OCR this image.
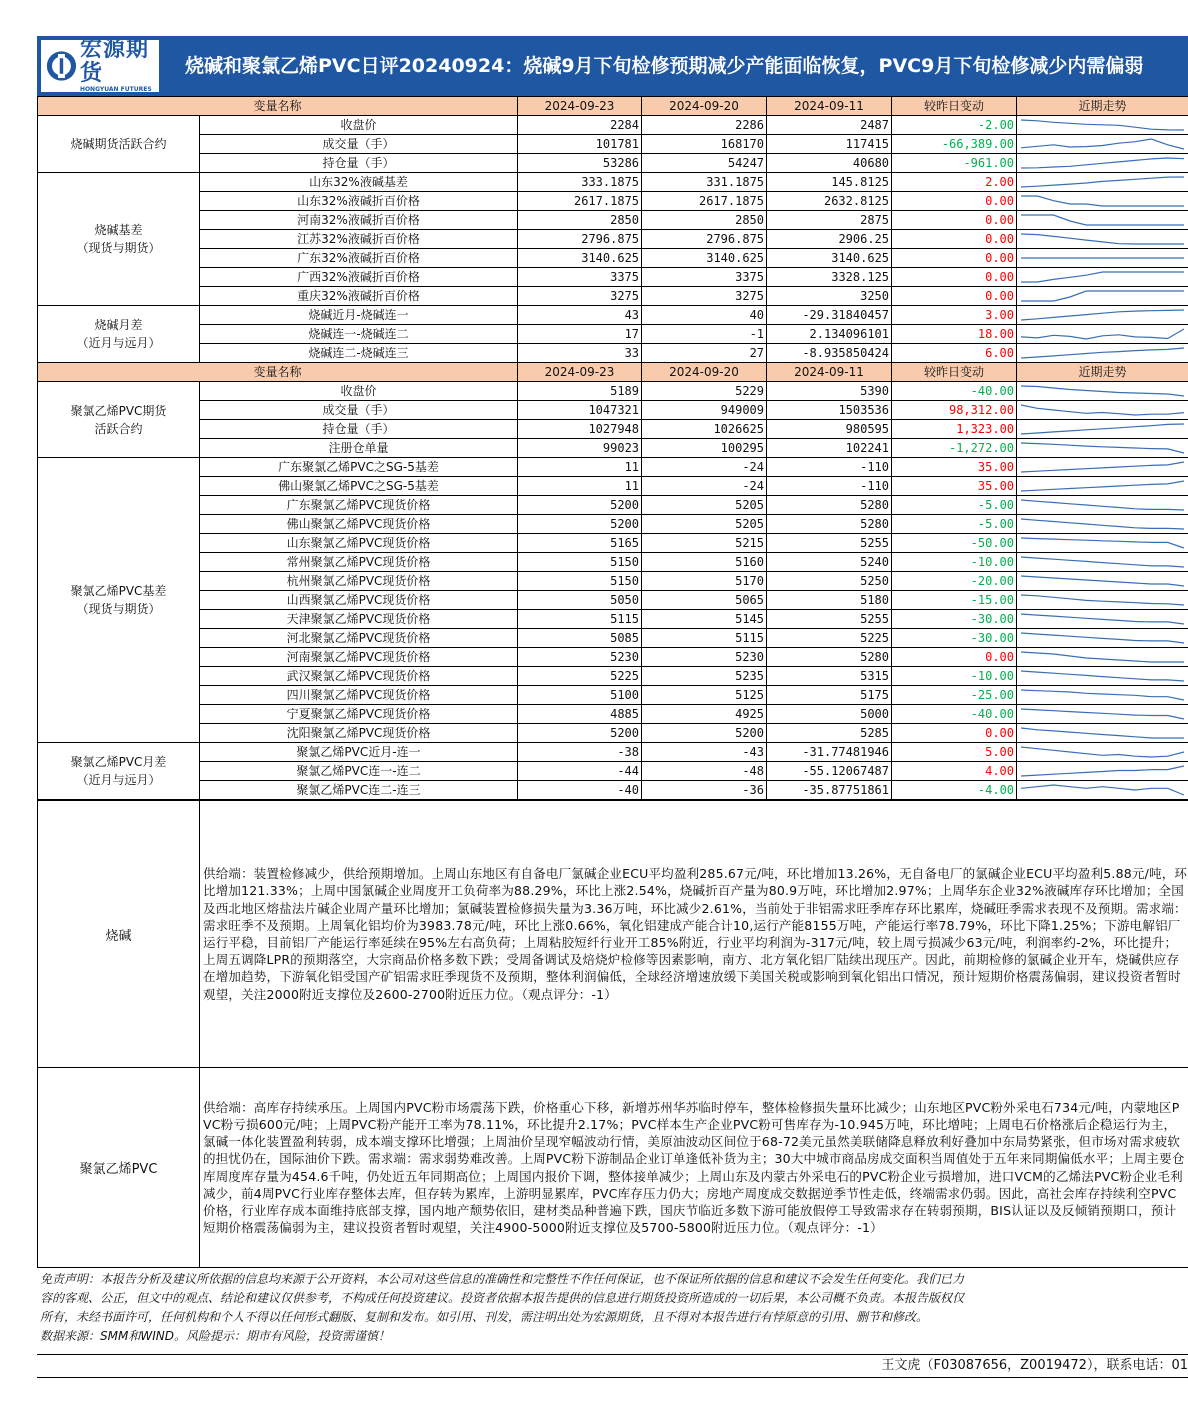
宏源期货
HONGYUAN FUTURES
烧碱和聚氯乙烯PVC日评20240924：烧碱9月下旬检修预期减少产能面临恢复，PVC9月下旬检修减少内需偏弱
变量名称		2024-09-23	2024-09-20	2024-09-11	较昨日变动	近期走势

烧碱期货活跃合约	收盘价	2284	2286	2487	-2.00	

	成交量（手）	101781	168170	117415	-66,389.00	

	持仓量（手）	53286	54247	40680	-961.00	

烧碱基差
（现货与期货）	山东32%液碱基差	333.1875	331.1875	145.8125	2.00	

	山东32%液碱折百价格	2617.1875	2617.1875	2632.8125	0.00	

	河南32%液碱折百价格	2850	2850	2875	0.00	

	江苏32%液碱折百价格	2796.875	2796.875	2906.25	0.00	

	广东32%液碱折百价格	3140.625	3140.625	3140.625	0.00	

	广西32%液碱折百价格	3375	3375	3328.125	0.00	

	重庆32%液碱折百价格	3275	3275	3250	0.00	

烧碱月差
（近月与远月）	烧碱近月-烧碱连一	43	40	-29.31840457	3.00	

	烧碱连一-烧碱连二	17	-1	2.134096101	18.00	

	烧碱连二-烧碱连三	33	27	-8.935850424	6.00	

变量名称		2024-09-23	2024-09-20	2024-09-11	较昨日变动	近期走势

聚氯乙烯PVC期货
活跃合约	收盘价	5189	5229	5390	-40.00	

	成交量（手）	1047321	949009	1503536	98,312.00	

	持仓量（手）	1027948	1026625	980595	1,323.00	

	注册仓单量	99023	100295	102241	-1,272.00	

聚氯乙烯PVC基差
（现货与期货）	广东聚氯乙烯PVC之SG-5基差	11	-24	-110	35.00	

	佛山聚氯乙烯PVC之SG-5基差	11	-24	-110	35.00	

	广东聚氯乙烯PVC现货价格	5200	5205	5280	-5.00	

	佛山聚氯乙烯PVC现货价格	5200	5205	5280	-5.00	

	山东聚氯乙烯PVC现货价格	5165	5215	5255	-50.00	

	常州聚氯乙烯PVC现货价格	5150	5160	5240	-10.00	

	杭州聚氯乙烯PVC现货价格	5150	5170	5250	-20.00	

	山西聚氯乙烯PVC现货价格	5050	5065	5180	-15.00	

	天津聚氯乙烯PVC现货价格	5115	5145	5255	-30.00	

	河北聚氯乙烯PVC现货价格	5085	5115	5225	-30.00	

	河南聚氯乙烯PVC现货价格	5230	5230	5280	0.00	

	武汉聚氯乙烯PVC现货价格	5225	5235	5315	-10.00	

	四川聚氯乙烯PVC现货价格	5100	5125	5175	-25.00	

	宁夏聚氯乙烯PVC现货价格	4885	4925	5000	-40.00	

	沈阳聚氯乙烯PVC现货价格	5200	5200	5285	0.00	

聚氯乙烯PVC月差
（近月与远月）	聚氯乙烯PVC近月-连一	-38	-43	-31.77481946	5.00	

	聚氯乙烯PVC连一-连二	-44	-48	-55.12067487	4.00	

	聚氯乙烯PVC连二-连三	-40	-36	-35.87751861	-4.00	
烧碱	供给端：装置检修减少，供给预期增加。上周山东地区有自备电厂氯碱企业ECU平均盈利285.67元/吨，环比增加13.26%，无自备电厂的氯碱企业ECU平均盈利5.88元/吨，环比增加121.33%；上周中国氯碱企业周度开工负荷率为88.29%，环比上涨2.54%，烧碱折百产量为80.9万吨，环比增加2.97%；上周华东企业32%液碱库存环比增加；全国及西北地区熔盐法片碱企业周产量环比增加；氯碱装置检修损失量为3.36万吨，环比减少2.61%，当前处于非铝需求旺季库存环比累库，烧碱旺季需求表现不及预期。需求端：需求旺季不及预期。上周氧化铝均价为3983.78元/吨，环比上涨0.66%，氧化铝建成产能合计10,运行产能8155万吨，产能运行率78.79%，环比下降1.25%；下游电解铝厂运行平稳，目前铝厂产能运行率延续在95%左右高负荷；上周粘胶短纤行业开工85%附近，行业平均利润为-317元/吨，较上周亏损减少63元/吨，利润率约-2%，环比提升；上周五调降LPR的预期落空，大宗商品价格多数下跌；受周备调试及焙烧炉检修等因素影响，南方、北方氧化铝厂陆续出现压产。因此，前期检修的氯碱企业开车，烧碱供应存在增加趋势，下游氧化铝受国产矿铝需求旺季现货不及预期，整体利润偏低，全球经济增速放缓下美国关税或影响到氧化铝出口情况，预计短期价格震荡偏弱，建议投资者暂时观望，关注2000附近支撑位及2600-2700附近压力位。（观点评分：-1）
聚氯乙烯PVC	供给端：高库存持续承压。上周国内PVC粉市场震荡下跌，价格重心下移，新增苏州华苏临时停车，整体检修损失量环比减少；山东地区PVC粉外采电石734元/吨，内蒙地区PVC粉亏损600元/吨；上周PVC粉产能开工率为78.11%，环比提升2.17%；PVC样本生产企业PVC粉可售库存为-10.945万吨，环比增吨；上周电石价格涨后企稳运行为主，氯碱一体化装置盈利转弱，成本端支撑环比增强；上周油价呈现窄幅波动行情，美原油波动区间位于68-72美元虽然美联储降息释放利好叠加中东局势紧张，但市场对需求疲软的担忧仍在，国际油价下跌。需求端：需求弱势难改善。上周PVC粉下游制品企业订单逢低补货为主；30大中城市商品房成交面积当周值处于五年来同期偏低水平；上周主要仓库周度库存量为454.6千吨，仍处近五年同期高位；上周国内报价下调，整体接单减少；上周山东及内蒙古外采电石的PVC粉企业亏损增加，进口VCM的乙烯法PVC粉企业毛利减少，前4周PVC行业库存整体去库，但存转为累库，上游明显累库，PVC库存压力仍大；房地产周度成交数据逆季节性走低，终端需求仍弱。因此，高社会库存持续利空PVC价格，行业库存成本面维持底部支撑，国内地产颓势依旧，建材类品种普遍下跌，国庆节临近多数下游可能放假停工导致需求存在转弱预期，BIS认证以及反倾销预期口，预计短期价格震荡偏弱为主，建议投资者暂时观望，关注4900-5000附近支撑位及5700-5800附近压力位。（观点评分：-1）
免责声明：本报告分析及建议所依据的信息均来源于公开资料，本公司对这些信息的准确性和完整性不作任何保证，也不保证所依据的信息和建议不会发生任何变化。我们已力
容的客观、公正，但文中的观点、结论和建议仅供参考，不构成任何投资建议。投资者依据本报告提供的信息进行期货投资所造成的一切后果，本公司概不负责。本报告版权仅
所有，未经书面许可，任何机构和个人不得以任何形式翻版、复制和发布。如引用、刊发，需注明出处为宏源期货，且不得对本报告进行有悖原意的引用、删节和修改。
数据来源：SMM和WIND。风险提示：期市有风险，投资需谨慎！
王文虎（F03087656，Z0019472），联系电话：01
